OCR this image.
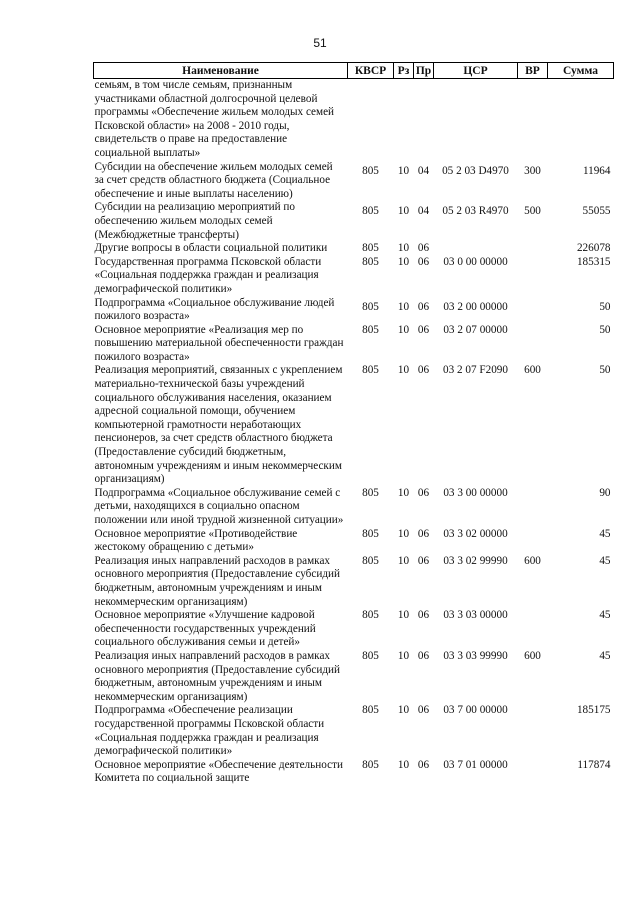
51
Наименование	КВСР	Рз	Пр	ЦСР	ВР	Сумма
семьям, в том числе семьям, признанным участниками областной долгосрочной целевой программы «Обеспечение жильем молодых семей Псковской области» на 2008 - 2010 годы, свидетельств о праве на предоставление социальной выплаты»						
Субсидии на обеспечение жильем молодых семей за счет средств областного бюджета (Социальное обеспечение и иные выплаты населению)	805	10	04	05 2 03 D4970	300	11964
Субсидии на реализацию мероприятий по обеспечению жильем молодых семей (Межбюджетные трансферты)	805	10	04	05 2 03 R4970	500	55055
Другие вопросы в области социальной политики	805	10	06			226078
Государственная программа Псковской области «Социальная поддержка граждан и реализация демографической политики»	805	10	06	03 0 00 00000		185315
Подпрограмма «Социальное обслуживание людей пожилого возраста»	805	10	06	03 2 00 00000		50
Основное мероприятие «Реализация мер по повышению материальной обеспеченности граждан пожилого возраста»	805	10	06	03 2 07 00000		50
Реализация мероприятий, связанных с укреплением материально-технической базы учреждений социального обслуживания населения, оказанием адресной социальной помощи, обучением компьютерной грамотности неработающих пенсионеров, за счет средств областного бюджета (Предоставление субсидий бюджетным, автономным учреждениям и иным некоммерческим организациям)	805	10	06	03 2 07 F2090	600	50
Подпрограмма «Социальное обслуживание семей с детьми, находящихся в социально опасном положении или иной трудной жизненной ситуации»	805	10	06	03 3 00 00000		90
Основное мероприятие «Противодействие жестокому обращению с детьми»	805	10	06	03 3 02 00000		45
Реализация иных направлений расходов в рамках основного мероприятия (Предоставление субсидий бюджетным, автономным учреждениям и иным некоммерческим организациям)	805	10	06	03 3 02 99990	600	45
Основное мероприятие «Улучшение кадровой обеспеченности государственных учреждений социального обслуживания семьи и детей»	805	10	06	03 3 03 00000		45
Реализация иных направлений расходов в рамках основного мероприятия (Предоставление субсидий бюджетным, автономным учреждениям и иным некоммерческим организациям)	805	10	06	03 3 03 99990	600	45
Подпрограмма «Обеспечение реализации государственной программы Псковской области «Социальная поддержка граждан и реализация демографической политики»	805	10	06	03 7 00 00000		185175
Основное мероприятие «Обеспечение деятельности Комитета по социальной защите	805	10	06	03 7 01 00000		117874
